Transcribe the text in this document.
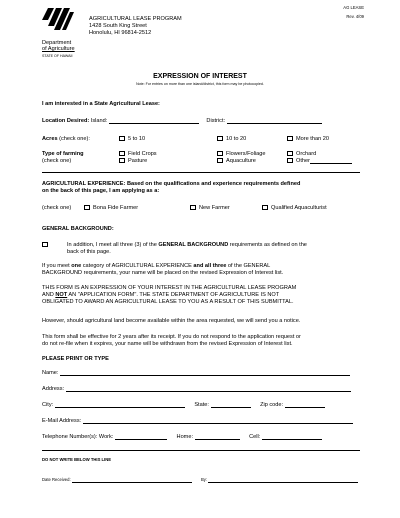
AG LEASE
Rev. 4/09
Department
of Agriculture
STATE OF HAWAII
AGRICULTURAL LEASE PROGRAM
1428 South King Street
Honolulu, HI 96814-2512
EXPRESSION OF INTEREST
Note: For entries on more than one island/district, this form may be photocopied.
I am interested in a State Agricultural Lease:
Location Desired: Island:	District:
Acres (check one):	5 to 10	10 to 20	More than 20
Type of farming
(check one)
Field Crops	Flowers/Foliage	Orchard
Pasture	Aquaculture	Other
AGRICULTURAL EXPERIENCE: Based on the qualifications and experience requirements defined
on the back of this page, I am applying as a:
(check one)	Bona Fide Farmer	New Farmer	Qualified Aquaculturist
GENERAL BACKGROUND:
In addition, I meet all three (3) of the GENERAL BACKGROUND requirements as defined on the
back of this page.
If you meet one category of AGRICULTURAL EXPERIENCE and all three of the GENERAL
BACKGROUND requirements, your name will be placed on the revised Expression of Interest list.
THIS FORM IS AN EXPRESSION OF YOUR INTEREST IN THE AGRICULTURAL LEASE PROGRAM
AND NOT AN "APPLICATION FORM". THE STATE DEPARTMENT OF AGRICULTURE IS NOT
OBLIGATED TO AWARD AN AGRICULTURAL LEASE TO YOU AS A RESULT OF THIS SUBMITTAL.
However, should agricultural land become available within the area requested, we will send you a notice.
This form shall be effective for 2 years after its receipt. If you do not respond to the application request or
do not re-file when it expires, your name will be withdrawn from the revised Expression of Interest list.
PLEASE PRINT OR TYPE
Name:
Address:
City:	State:	Zip code:
E-Mail Address:
Telephone Number(s): Work:	Home:	Cell:
DO NOT WRITE BELOW THIS LINE
Date Received:	By:
